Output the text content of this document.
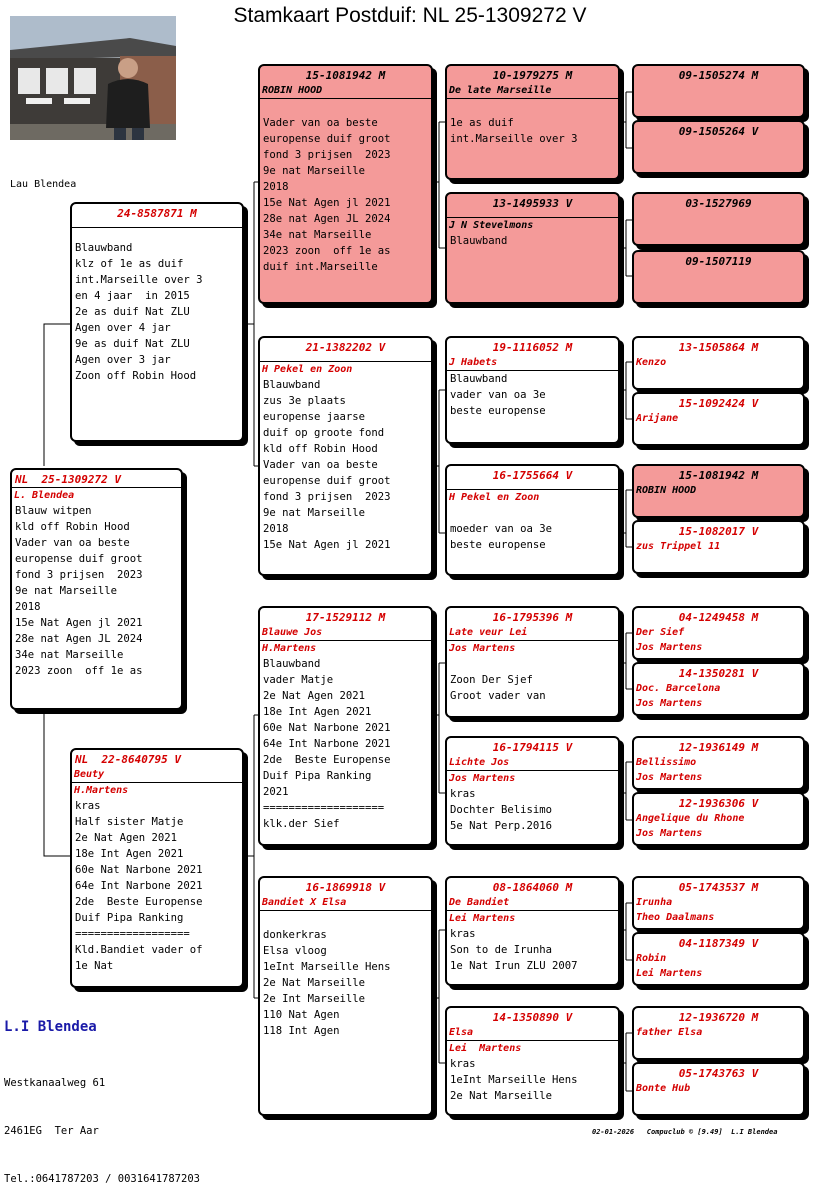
Stamkaart Postduif: NL 25-1309272 V
Lau Blendea
NL  25-1309272 V
L. Blendea
Blauw witpen
kld off Robin Hood
Vader van oa beste
europense duif groot
fond 3 prijsen  2023
9e nat Marseille
2018
15e Nat Agen jl 2021
28e nat Agen JL 2024
34e nat Marseille
2023 zoon  off 1e as
24-8587871 M
Blauwband
klz of 1e as duif
int.Marseille over 3
en 4 jaar  in 2015
2e as duif Nat ZLU
Agen over 4 jar
9e as duif Nat ZLU
Agen over 3 jar
Zoon off Robin Hood
NL  22-8640795 V
Beuty
H.Martens
kras
Half sister Matje
2e Nat Agen 2021
18e Int Agen 2021
60e Nat Narbone 2021
64e Int Narbone 2021
2de  Beste Europense
Duif Pipa Ranking
==================
Kld.Bandiet vader of
1e Nat
15-1081942 M
ROBIN HOOD

Vader van oa beste
europense duif groot
fond 3 prijsen  2023
9e nat Marseille
2018
15e Nat Agen jl 2021
28e nat Agen JL 2024
34e nat Marseille
2023 zoon  off 1e as
duif int.Marseille
21-1382202 V
H Pekel en Zoon
Blauwband
zus 3e plaats
europense jaarse
duif op groote fond
kld off Robin Hood
Vader van oa beste
europense duif groot
fond 3 prijsen  2023
9e nat Marseille
2018
15e Nat Agen jl 2021
17-1529112 M
Blauwe Jos
H.Martens
Blauwband
vader Matje
2e Nat Agen 2021
18e Int Agen 2021
60e Nat Narbone 2021
64e Int Narbone 2021
2de  Beste Europense
Duif Pipa Ranking
2021
===================
klk.der Sief
16-1869918 V
Bandiet X Elsa

donkerkras
Elsa vloog
1eInt Marseille Hens
2e Nat Marseille
2e Int Marseille
110 Nat Agen
118 Int Agen
10-1979275 M
De late Marseille

1e as duif
int.Marseille over 3
13-1495933 V
J N Stevelmons
Blauwband
19-1116052 M
J Habets
Blauwband
vader van oa 3e
beste europense
16-1755664 V
H Pekel en Zoon

moeder van oa 3e
beste europense
16-1795396 M
Late veur Lei
Jos Martens

Zoon Der Sjef
Groot vader van
16-1794115 V
Lichte Jos
Jos Martens
kras
Dochter Belisimo
5e Nat Perp.2016
08-1864060 M
De Bandiet
Lei Martens
kras
Son to de Irunha
1e Nat Irun ZLU 2007
14-1350890 V
Elsa
Lei  Martens
kras
1eInt Marseille Hens
2e Nat Marseille
09-1505274 M
09-1505264 V
03-1527969
09-1507119
13-1505864 M
Kenzo
15-1092424 V
Arijane
15-1081942 M
ROBIN HOOD
15-1082017 V
zus Trippel 11
04-1249458 M
Der Sief
Jos Martens
14-1350281 V
Doc. Barcelona
Jos Martens
12-1936149 M
Bellissimo
Jos Martens
12-1936306 V
Angelique du Rhone
Jos Martens
05-1743537 M
Irunha
Theo Daalmans
04-1187349 V
Robin
Lei Martens
12-1936720 M
father Elsa
05-1743763 V
Bonte Hub
L.I Blendea

Westkanaalweg 61

2461EG  Ter Aar

Tel.:0641787203 / 0031641787203

02-01-2026   Compuclub © [9.49]  L.I Blendea
